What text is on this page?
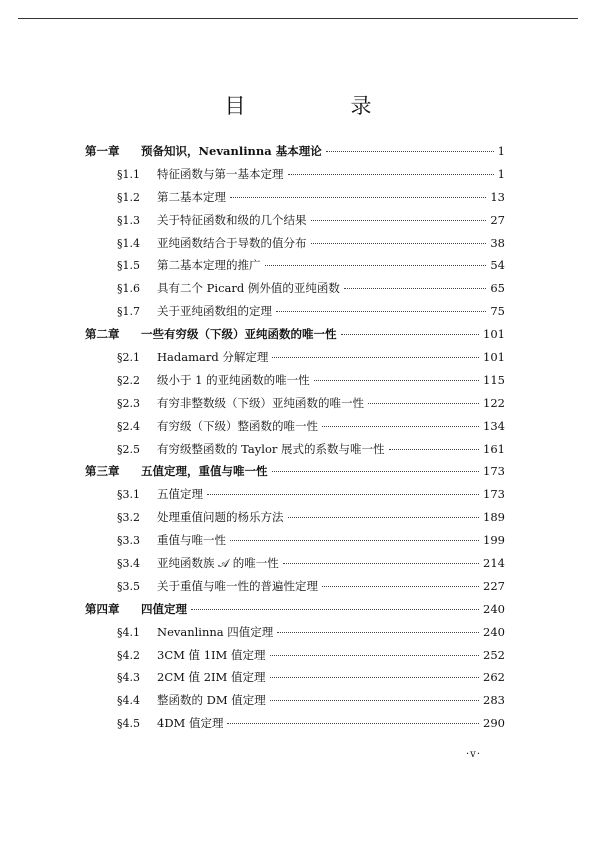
目　录
第一章	预备知识，Nevanlinna 基本理论	1
§1.1	特征函数与第一基本定理	1
§1.2	第二基本定理	13
§1.3	关于特征函数和级的几个结果	27
§1.4	亚纯函数结合于导数的值分布	38
§1.5	第二基本定理的推广	54
§1.6	具有二个 Picard 例外值的亚纯函数	65
§1.7	关于亚纯函数组的定理	75
第二章	一些有穷级（下级）亚纯函数的唯一性	101
§2.1	Hadamard 分解定理	101
§2.2	级小于 1 的亚纯函数的唯一性	115
§2.3	有穷非整数级（下级）亚纯函数的唯一性	122
§2.4	有穷级（下级）整函数的唯一性	134
§2.5	有穷级整函数的 Taylor 展式的系数与唯一性	161
第三章	五值定理，重值与唯一性	173
§3.1	五值定理	173
§3.2	处理重值问题的杨乐方法	189
§3.3	重值与唯一性	199
§3.4	亚纯函数族 𝒜 的唯一性	214
§3.5	关于重值与唯一性的普遍性定理	227
第四章	四值定理	240
§4.1	Nevanlinna 四值定理	240
§4.2	3CM 值 1IM 值定理	252
§4.3	2CM 值 2IM 值定理	262
§4.4	整函数的 DM 值定理	283
§4.5	4DM 值定理	290
·v·
